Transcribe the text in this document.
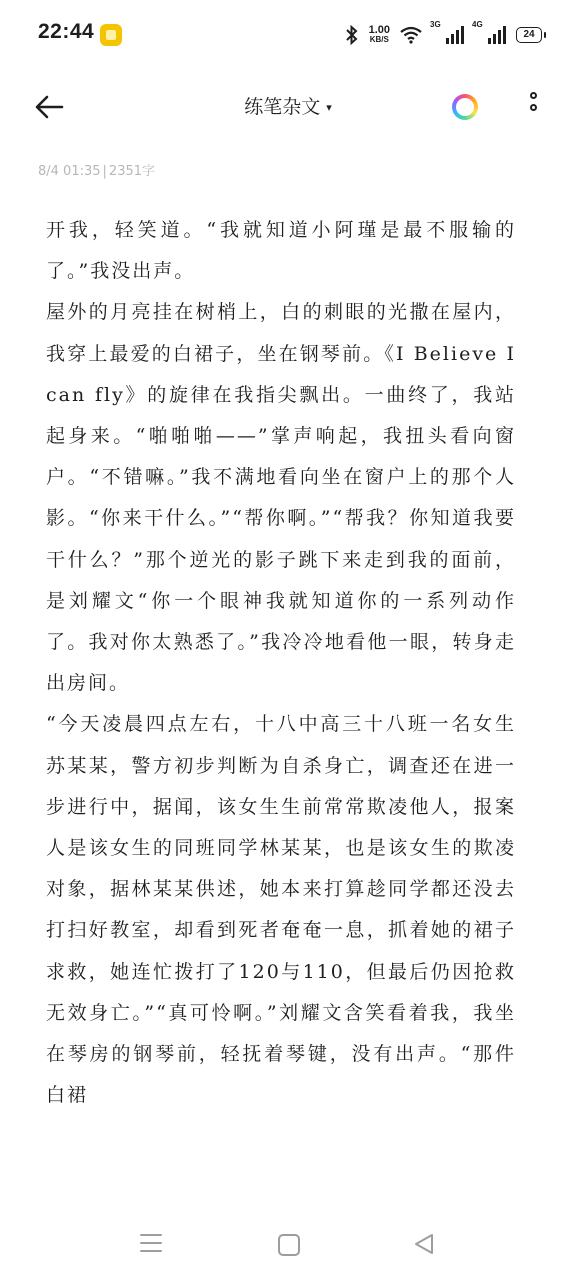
22:44	1.00
KB/S
3G	4G
24
练笔杂文 ▾
8/4 01:35 | 2351字

开我，轻笑道。“我就知道小阿瑾是最不服输的了。”我没出声。

屋外的月亮挂在树梢上，白的刺眼的光撒在屋内，我穿上最爱的白裙子，坐在钢琴前。《I Believe I can fly》的旋律在我指尖飘出。一曲终了，我站起身来。“啪啪啪——”掌声响起，我扭头看向窗户。“不错嘛。”我不满地看向坐在窗户上的那个人影。“你来干什么。”“帮你啊。”“帮我？你知道我要干什么？”那个逆光的影子跳下来走到我的面前，是刘耀文“你一个眼神我就知道你的一系列动作了。我对你太熟悉了。”我冷冷地看他一眼，转身走出房间。

“今天凌晨四点左右，十八中高三十八班一名女生苏某某，警方初步判断为自杀身亡，调查还在进一步进行中，据闻，该女生生前常常欺凌他人，报案人是该女生的同班同学林某某，也是该女生的欺凌对象，据林某某供述，她本来打算趁同学都还没去打扫好教室，却看到死者奄奄一息，抓着她的裙子求救，她连忙拨打了120与110，但最后仍因抢救无效身亡。”“真可怜啊。”刘耀文含笑看着我，我坐在琴房的钢琴前，轻抚着琴键，没有出声。“那件白裙
